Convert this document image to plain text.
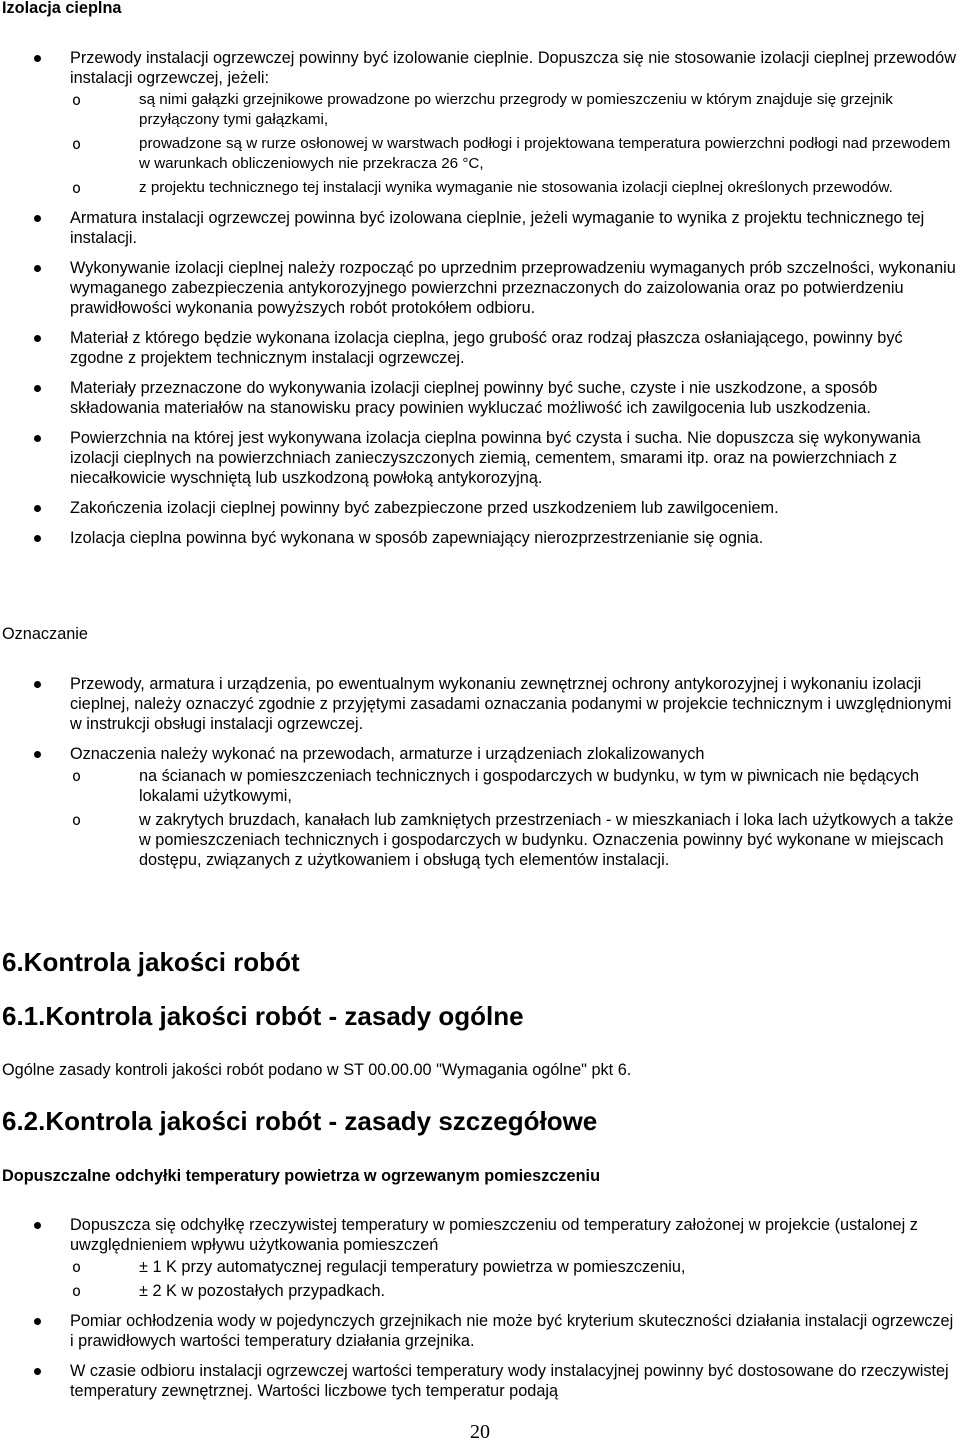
Izolacja cieplna
Przewody instalacji ogrzewczej powinny być izolowanie cieplnie. Dopuszcza się nie stosowanie izolacji cieplnej przewodów instalacji ogrzewczej, jeżeli:
o są nimi gałązki grzejnikowe prowadzone po wierzchu przegrody w pomieszczeniu w którym znajduje się grzejnik przyłączony tymi gałązkami,
o prowadzone są w rurze osłonowej w warstwach podłogi i projektowana temperatura powierzchni podłogi nad przewodem w warunkach obliczeniowych nie przekracza 26 °C,
o z projektu technicznego tej instalacji wynika wymaganie nie stosowania izolacji cieplnej określonych przewodów.
Armatura instalacji ogrzewczej powinna być izolowana cieplnie, jeżeli wymaganie to wynika z projektu technicznego tej instalacji.
Wykonywanie izolacji cieplnej należy rozpocząć po uprzednim przeprowadzeniu wymaganych prób szczelności, wykonaniu wymaganego zabezpieczenia antykorozyjnego powierzchni przeznaczonych do zaizolowania oraz po potwierdzeniu prawidłowości wykonania powyższych robót protokółem odbioru.
Materiał z którego będzie wykonana izolacja cieplna, jego grubość oraz rodzaj płaszcza osłaniającego, powinny być zgodne z projektem technicznym instalacji ogrzewczej.
Materiały przeznaczone do wykonywania izolacji cieplnej powinny być suche, czyste i nie uszkodzone, a sposób składowania materiałów na stanowisku pracy powinien wykluczać możliwość ich zawilgocenia lub uszkodzenia.
Powierzchnia na której jest wykonywana izolacja cieplna powinna być czysta i sucha. Nie dopuszcza się wykonywania izolacji cieplnych na powierzchniach zanieczyszczonych ziemią, cementem, smarami itp. oraz na powierzchniach z niecałkowicie wyschniętą lub uszkodzoną powłoką antykorozyjną.
Zakończenia izolacji cieplnej powinny być zabezpieczone przed uszkodzeniem lub zawilgoceniem.
Izolacja cieplna powinna być wykonana w sposób zapewniający nierozprzestrzenianie się ognia.
Oznaczanie
Przewody, armatura i urządzenia, po ewentualnym wykonaniu zewnętrznej ochrony antykorozyjnej i wykonaniu izolacji cieplnej, należy oznaczyć zgodnie z przyjętymi zasadami oznaczania podanymi w projekcie technicznym i uwzględnionymi w instrukcji obsługi instalacji ogrzewczej.
Oznaczenia należy wykonać na przewodach, armaturze i urządzeniach zlokalizowanych
o na ścianach w pomieszczeniach technicznych i gospodarczych w budynku, w tym w piwnicach nie będących lokalami użytkowymi,
o w zakrytych bruzdach, kanałach lub zamkniętych przestrzeniach - w mieszkaniach i loka lach użytkowych a także w pomieszczeniach technicznych i gospodarczych w budynku. Oznaczenia powinny być wykonane w miejscach dostępu, związanych z użytkowaniem i obsługą tych elementów instalacji.
6.Kontrola jakości robót
6.1.Kontrola jakości robót - zasady ogólne
Ogólne zasady kontroli jakości robót podano w ST 00.00.00 "Wymagania ogólne" pkt 6.
6.2.Kontrola jakości robót - zasady szczegółowe
Dopuszczalne odchyłki temperatury powietrza w ogrzewanym pomieszczeniu
Dopuszcza się odchyłkę rzeczywistej temperatury w pomieszczeniu od temperatury założonej w projekcie (ustalonej z uwzględnieniem wpływu użytkowania pomieszczeń
o ± 1 K przy automatycznej regulacji temperatury powietrza w pomieszczeniu,
o ± 2 K w pozostałych przypadkach.
Pomiar ochłodzenia wody w pojedynczych grzejnikach nie może być kryterium skuteczności działania instalacji ogrzewczej i prawidłowych wartości temperatury działania grzejnika.
W czasie odbioru instalacji ogrzewczej wartości temperatury wody instalacyjnej powinny być dostosowane do rzeczywistej temperatury zewnętrznej. Wartości liczbowe tych temperatur podają
20
